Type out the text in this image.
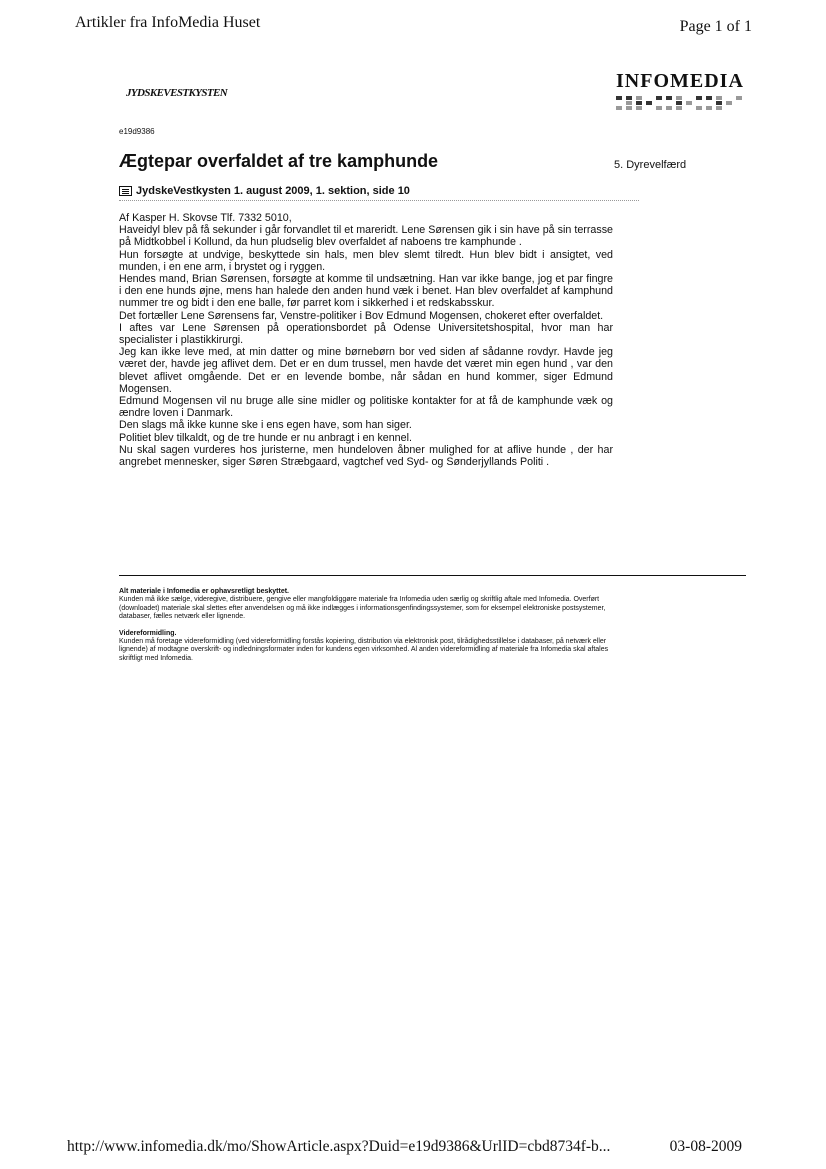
Artikler fra InfoMedia Huset	Page 1 of 1
JYDSKEVESTKYSTEN

INFOMEDIA

e19d9386
Ægtepar overfaldet af tre kamphunde	5. Dyrevelfærd
JydskeVestkysten 1. august 2009, 1. sektion, side 10

Af Kasper H. Skovse Tlf. 7332 5010,

Haveidyl blev på få sekunder i går forvandlet til et mareridt. Lene Sørensen gik i sin have på sin terrasse på Midtkobbel i Kollund, da hun pludselig blev overfaldet af naboens tre kamphunde .

Hun forsøgte at undvige, beskyttede sin hals, men blev slemt tilredt. Hun blev bidt i ansigtet, ved munden, i en ene arm, i brystet og i ryggen.

Hendes mand, Brian Sørensen, forsøgte at komme til undsætning. Han var ikke bange, jog et par fingre i den ene hunds øjne, mens han halede den anden hund væk i benet. Han blev overfaldet af kamphund nummer tre og bidt i den ene balle, før parret kom i sikkerhed i et redskabsskur.

Det fortæller Lene Sørensens far, Venstre-politiker i Bov Edmund Mogensen, chokeret efter overfaldet.

I aftes var Lene Sørensen på operationsbordet på Odense Universitetshospital, hvor man har specialister i plastikkirurgi.

Jeg kan ikke leve med, at min datter og mine børnebørn bor ved siden af sådanne rovdyr. Havde jeg været der, havde jeg aflivet dem. Det er en dum trussel, men havde det været min egen hund , var den blevet aflivet omgående. Det er en levende bombe, når sådan en hund kommer, siger Edmund Mogensen.

Edmund Mogensen vil nu bruge alle sine midler og politiske kontakter for at få de kamphunde væk og ændre loven i Danmark.

Den slags må ikke kunne ske i ens egen have, som han siger.

Politiet blev tilkaldt, og de tre hunde er nu anbragt i en kennel.

Nu skal sagen vurderes hos juristerne, men hundeloven åbner mulighed for at aflive hunde , der har angrebet mennesker, siger Søren Stræbgaard, vagtchef ved Syd- og Sønderjyllands Politi .

Alt materiale i Infomedia er ophavsretligt beskyttet.

Kunden må ikke sælge, videregive, distribuere, gengive eller mangfoldiggøre materiale fra Infomedia uden særlig og skriftlig aftale med Infomedia. Overført (downloadet) materiale skal slettes efter anvendelsen og må ikke indlægges i informationsgenfindingssystemer, som for eksempel elektroniske postsystemer, databaser, fælles netværk eller lignende.

Videreformidling.

Kunden må foretage videreformidling (ved videreformidling forstås kopiering, distribution via elektronisk post, tilrådighedsstillelse i databaser, på netværk eller lignende) af modtagne overskrift- og indledningsformater inden for kundens egen virksomhed. Al anden videreformidling af materiale fra Infomedia skal aftales skriftligt med Infomedia.

http://www.infomedia.dk/mo/ShowArticle.aspx?Duid=e19d9386&UrlID=cbd8734f-b...	03-08-2009
